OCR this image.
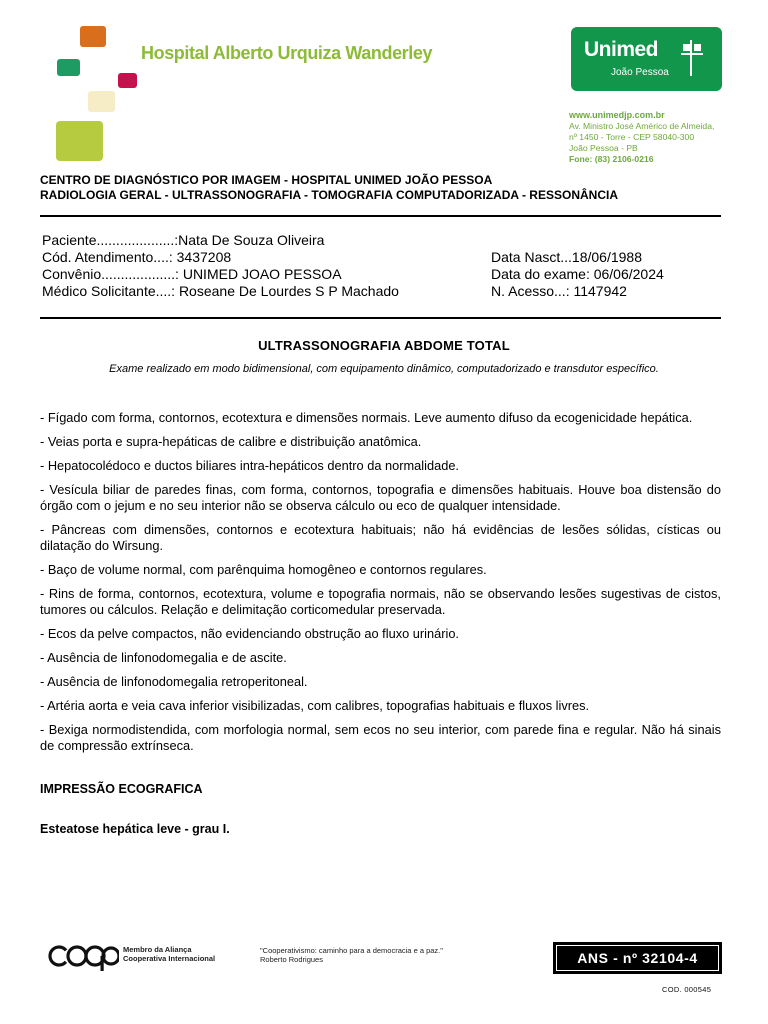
Hospital Alberto Urquiza Wanderley	Unimed
João Pessoa
www.unimedjp.com.br
Av. Ministro José Américo de Almeida,
nº 1450 - Torre - CEP 58040-300
João Pessoa - PB
Fone: (83) 2106-0216
CENTRO DE DIAGNÓSTICO POR IMAGEM - HOSPITAL UNIMED JOÃO PESSOA
RADIOLOGIA GERAL - ULTRASSONOGRAFIA - TOMOGRAFIA COMPUTADORIZADA - RESSONÂNCIA
Paciente....................:Nata De Souza Oliveira
Cód. Atendimento....: 3437208
Convênio...................: UNIMED JOAO PESSOA
Médico Solicitante....: Roseane De Lourdes S P Machado
Data Nasct...18/06/1988
Data do exame: 06/06/2024
N. Acesso...: 1147942
ULTRASSONOGRAFIA ABDOME TOTAL
Exame realizado em modo bidimensional, com equipamento dinâmico, computadorizado e transdutor específico.

- Fígado com forma, contornos, ecotextura e dimensões normais. Leve aumento difuso da ecogenicidade hepática.

- Veias porta e supra-hepáticas de calibre e distribuição anatômica.

- Hepatocolédoco e ductos biliares intra-hepáticos dentro da normalidade.

- Vesícula biliar de paredes finas, com forma, contornos, topografia e dimensões habituais. Houve boa distensão do órgão com o jejum e no seu interior não se observa cálculo ou eco de qualquer intensidade.

- Pâncreas com dimensões, contornos e ecotextura habituais; não há evidências de lesões sólidas, císticas ou dilatação do Wirsung.

- Baço de volume normal, com parênquima homogêneo e contornos regulares.

- Rins de forma, contornos, ecotextura, volume e topografia normais, não se observando lesões sugestivas de cistos, tumores ou cálculos. Relação e delimitação corticomedular preservada.

- Ecos da pelve compactos, não evidenciando obstrução ao fluxo urinário.

- Ausência de linfonodomegalia e de ascite.

- Ausência de linfonodomegalia retroperitoneal.

- Artéria aorta e veia cava inferior visibilizadas, com calibres, topografias habituais e fluxos livres.

- Bexiga normodistendida, com morfologia normal, sem ecos no seu interior, com parede fina e regular. Não há sinais de compressão extrínseca.

IMPRESSÃO ECOGRAFICA
Esteatose hepática leve - grau I.
Membro da Aliança
Cooperativa Internacional
"Cooperativismo: caminho para a democracia e a paz."
Roberto Rodrigues	ANS - nº 32104-4
COD. 000545
